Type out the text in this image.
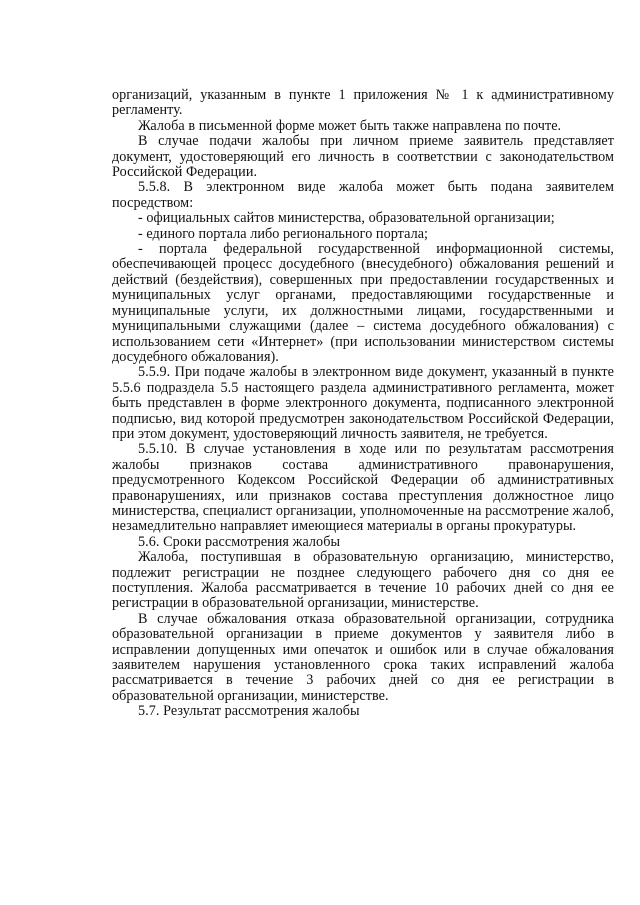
организаций, указанным в пункте 1 приложения № 1 к административному регламенту.

Жалоба в письменной форме может быть также направлена по почте.

В случае подачи жалобы при личном приеме заявитель представляет документ, удостоверяющий его личность в соответствии с законодательством Российской Федерации.

5.5.8. В электронном виде жалоба может быть подана заявителем посредством:

- официальных сайтов министерства, образовательной организации;

- единого портала либо регионального портала;

- портала федеральной государственной информационной системы, обеспечивающей процесс досудебного (внесудебного) обжалования решений и действий (бездействия), совершенных при предоставлении государственных и муниципальных услуг органами, предоставляющими государственные и муниципальные услуги, их должностными лицами, государственными и муниципальными служащими (далее – система досудебного обжалования) с использованием сети «Интернет» (при использовании министерством системы досудебного обжалования).

5.5.9. При подаче жалобы в электронном виде документ, указанный в пункте 5.5.6 подраздела 5.5 настоящего раздела административного регламента, может быть представлен в форме электронного документа, подписанного электронной подписью, вид которой предусмотрен законодательством Российской Федерации, при этом документ, удостоверяющий личность заявителя, не требуется.

5.5.10. В случае установления в ходе или по результатам рассмотрения жалобы признаков состава административного правонарушения, предусмотренного Кодексом Российской Федерации об административных правонарушениях, или признаков состава преступления должностное лицо министерства, специалист организации, уполномоченные на рассмотрение жалоб, незамедлительно направляет имеющиеся материалы в органы прокуратуры.

5.6. Сроки рассмотрения жалобы

Жалоба, поступившая в образовательную организацию, министерство, подлежит регистрации не позднее следующего рабочего дня со дня ее поступления. Жалоба рассматривается в течение 10 рабочих дней со дня ее регистрации в образовательной организации, министерстве.

В случае обжалования отказа образовательной организации, сотрудника образовательной организации в приеме документов у заявителя либо в исправлении допущенных ими опечаток и ошибок или в случае обжалования заявителем нарушения установленного срока таких исправлений жалоба рассматривается в течение 3 рабочих дней со дня ее регистрации в образовательной организации, министерстве.

5.7. Результат рассмотрения жалобы
